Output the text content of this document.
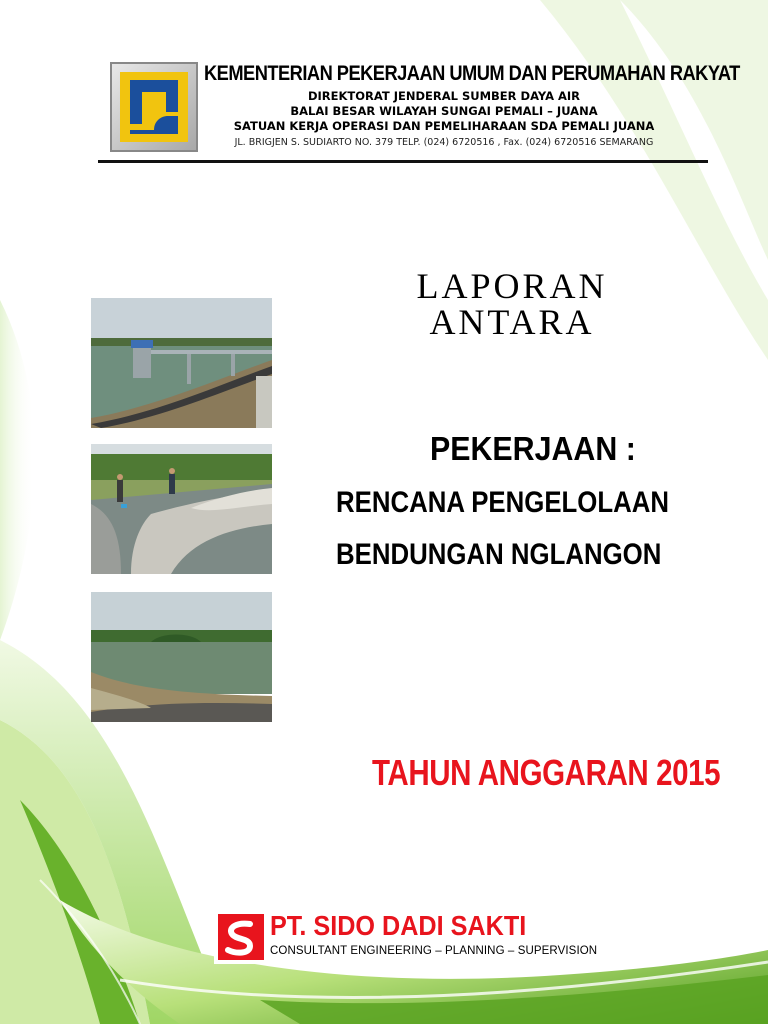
KEMENTERIAN PEKERJAAN UMUM DAN PERUMAHAN RAKYAT
DIREKTORAT JENDERAL SUMBER DAYA AIR
BALAI BESAR WILAYAH SUNGAI PEMALI – JUANA
SATUAN KERJA OPERASI DAN PEMELIHARAAN SDA PEMALI JUANA
JL. BRIGJEN S. SUDIARTO NO. 379 TELP. (024) 6720516 , Fax. (024) 6720516 SEMARANG
LAPORAN
ANTARA
PEKERJAAN :
RENCANA PENGELOLAAN
BENDUNGAN NGLANGON
TAHUN ANGGARAN 2015
PT. SIDO DADI SAKTI
CONSULTANT ENGINEERING – PLANNING – SUPERVISION
